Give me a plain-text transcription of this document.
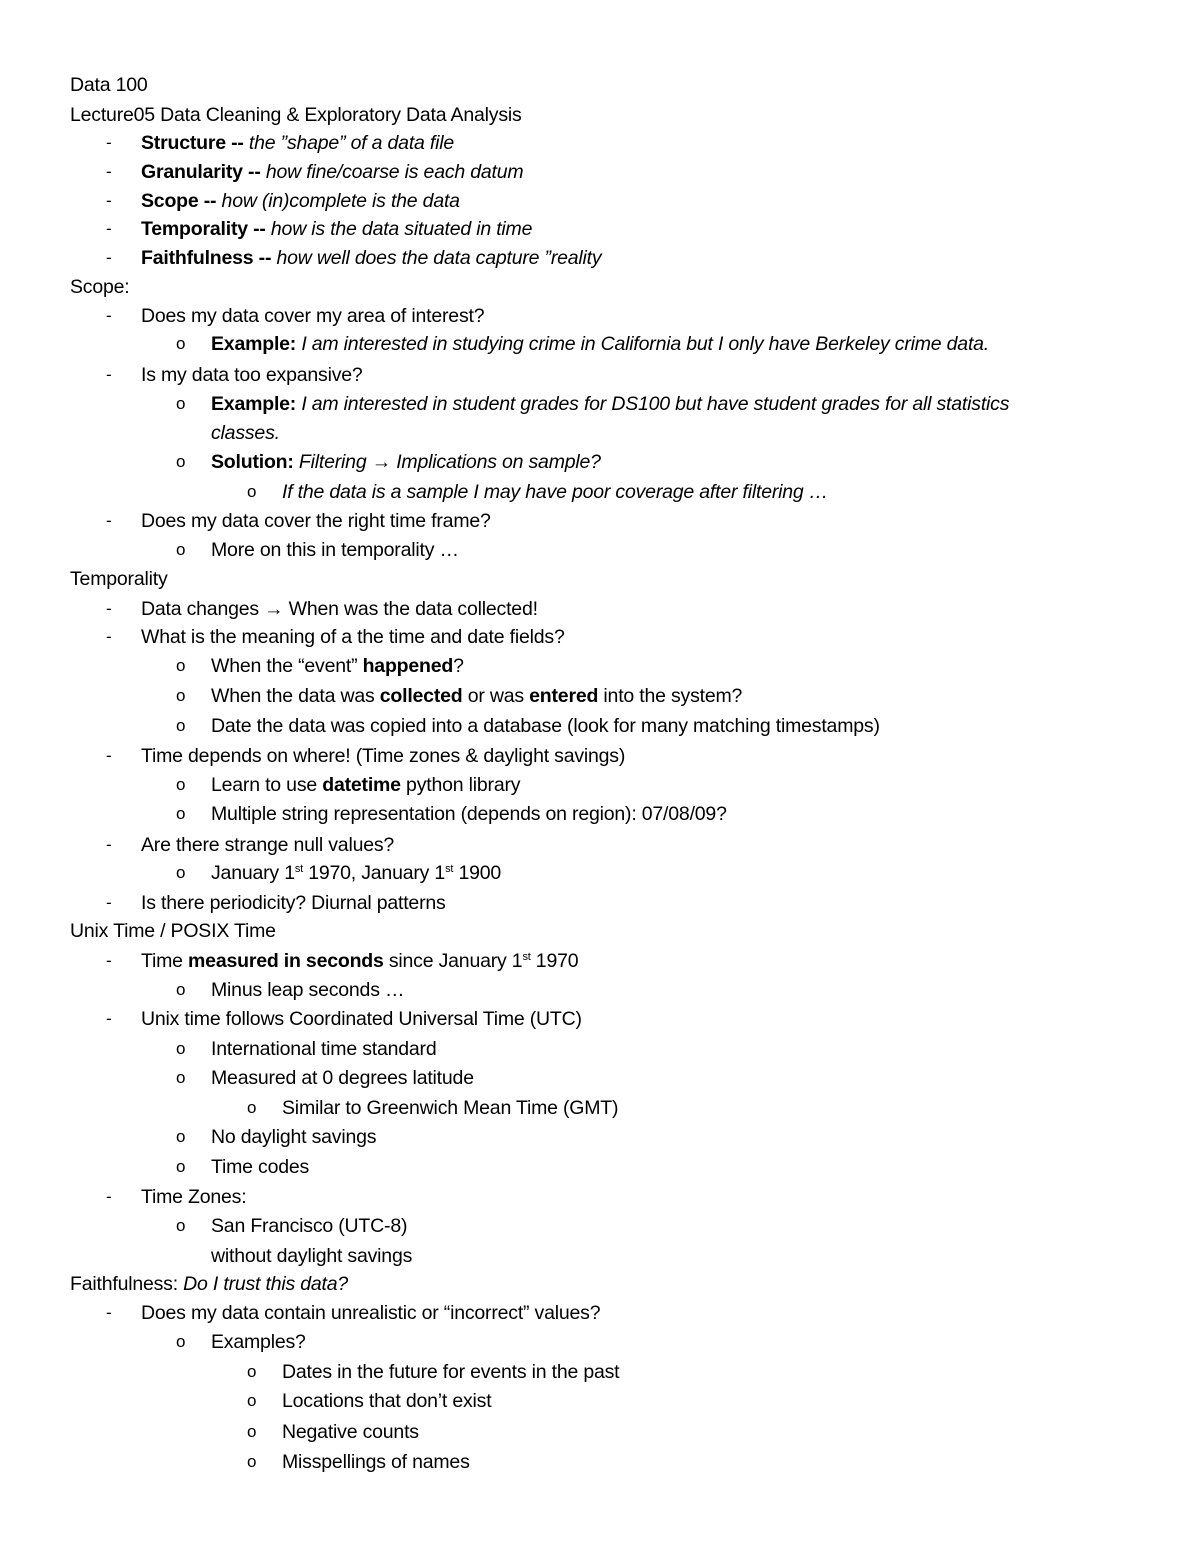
Data 100
Lecture05 Data Cleaning & Exploratory Data Analysis
- Structure -- the ”shape” of a data file
- Granularity -- how fine/coarse is each datum
- Scope -- how (in)complete is the data
- Temporality -- how is the data situated in time
- Faithfulness -- how well does the data capture ”reality
Scope:
- Does my data cover my area of interest?
o Example: I am interested in studying crime in California but I only have Berkeley crime data.
- Is my data too expansive?
o Example: I am interested in student grades for DS100 but have student grades for all statistics
classes.
o Solution: Filtering → Implications on sample?
o If the data is a sample I may have poor coverage after filtering …
- Does my data cover the right time frame?
o More on this in temporality …
Temporality
- Data changes → When was the data collected!
- What is the meaning of a the time and date fields?
o When the “event” happened?
o When the data was collected or was entered into the system?
o Date the data was copied into a database (look for many matching timestamps)
- Time depends on where! (Time zones & daylight savings)
o Learn to use datetime python library
o Multiple string representation (depends on region): 07/08/09?
- Are there strange null values?
o January 1st 1970, January 1st 1900
- Is there periodicity? Diurnal patterns
Unix Time / POSIX Time
- Time measured in seconds since January 1st 1970
o Minus leap seconds …
- Unix time follows Coordinated Universal Time (UTC)
o International time standard
o Measured at 0 degrees latitude
o Similar to Greenwich Mean Time (GMT)
o No daylight savings
o Time codes
- Time Zones:
o San Francisco (UTC-8)
without daylight savings
Faithfulness: Do I trust this data?
- Does my data contain unrealistic or “incorrect” values?
o Examples?
o Dates in the future for events in the past
o Locations that don’t exist
o Negative counts
o Misspellings of names
